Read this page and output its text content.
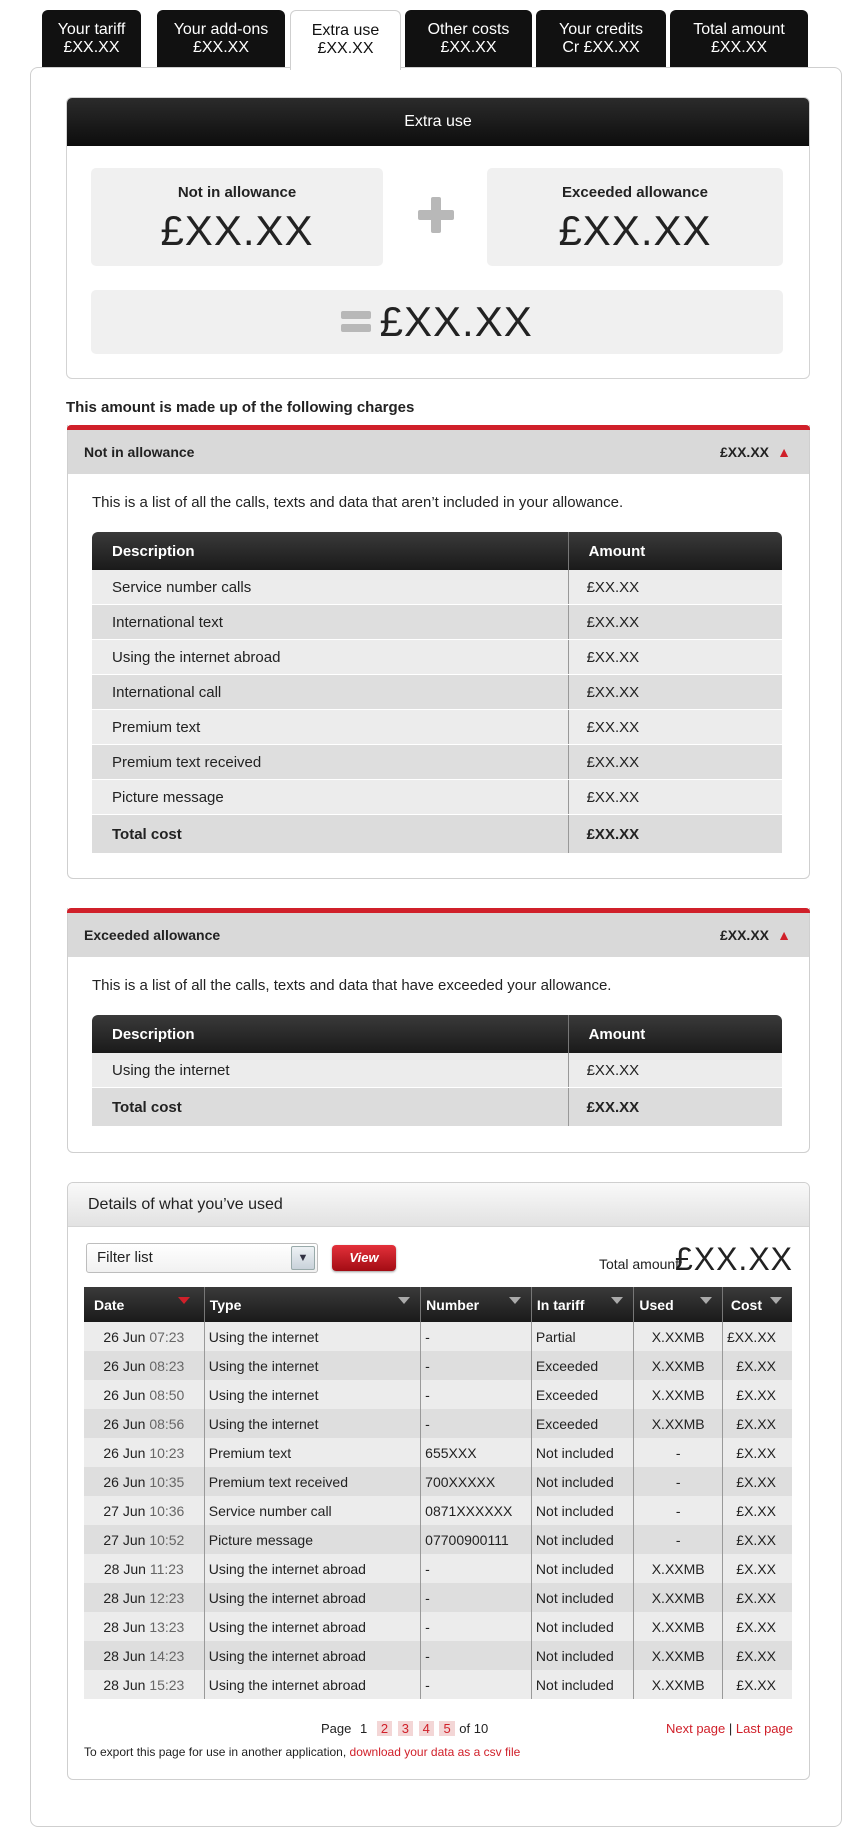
Your tariff
£XX.XX
Your add-ons
£XX.XX
Extra use
£XX.XX
Other costs
£XX.XX
Your credits
Cr £XX.XX
Total amount
£XX.XX
Extra use
Not in allowance
£XX.XX
Exceeded allowance
£XX.XX
£XX.XX
This amount is made up of the following charges
Not in allowance	£XX.XX ▲
This is a list of all the calls, texts and data that aren’t included in your allowance.
Description	Amount
Service number calls	£XX.XX
International text	£XX.XX
Using the internet abroad	£XX.XX
International call	£XX.XX
Premium text	£XX.XX
Premium text received	£XX.XX
Picture message	£XX.XX
Total cost	£XX.XX
Exceeded allowance	£XX.XX ▲
This is a list of all the calls, texts and data that have exceeded your allowance.
Description	Amount
Using the internet	£XX.XX
Total cost	£XX.XX
Details of what you’ve used
Filter list	▼	View	Total amount:
£XX.XX
Date	Type	Number	In tariff	Used	Cost

26 Jun 07:23	Using the internet	-	Partial	X.XXMB	£XX.XX
26 Jun 08:23	Using the internet	-	Exceeded	X.XXMB	£X.XX
26 Jun 08:50	Using the internet	-	Exceeded	X.XXMB	£X.XX
26 Jun 08:56	Using the internet	-	Exceeded	X.XXMB	£X.XX
26 Jun 10:23	Premium text	655XXX	Not included	-	£X.XX
26 Jun 10:35	Premium text received	700XXXXX	Not included	-	£X.XX
27 Jun 10:36	Service number call	0871XXXXXX	Not included	-	£X.XX
27 Jun 10:52	Picture message	07700900111	Not included	-	£X.XX
28 Jun 11:23	Using the internet abroad	-	Not included	X.XXMB	£X.XX
28 Jun 12:23	Using the internet abroad	-	Not included	X.XXMB	£X.XX
28 Jun 13:23	Using the internet abroad	-	Not included	X.XXMB	£X.XX
28 Jun 14:23	Using the internet abroad	-	Not included	X.XXMB	£X.XX
28 Jun 15:23	Using the internet abroad	-	Not included	X.XXMB	£X.XX
Page 1 2 3 4 5 of 10	Next page | Last page
To export this page for use in another application, download your data as a csv file
